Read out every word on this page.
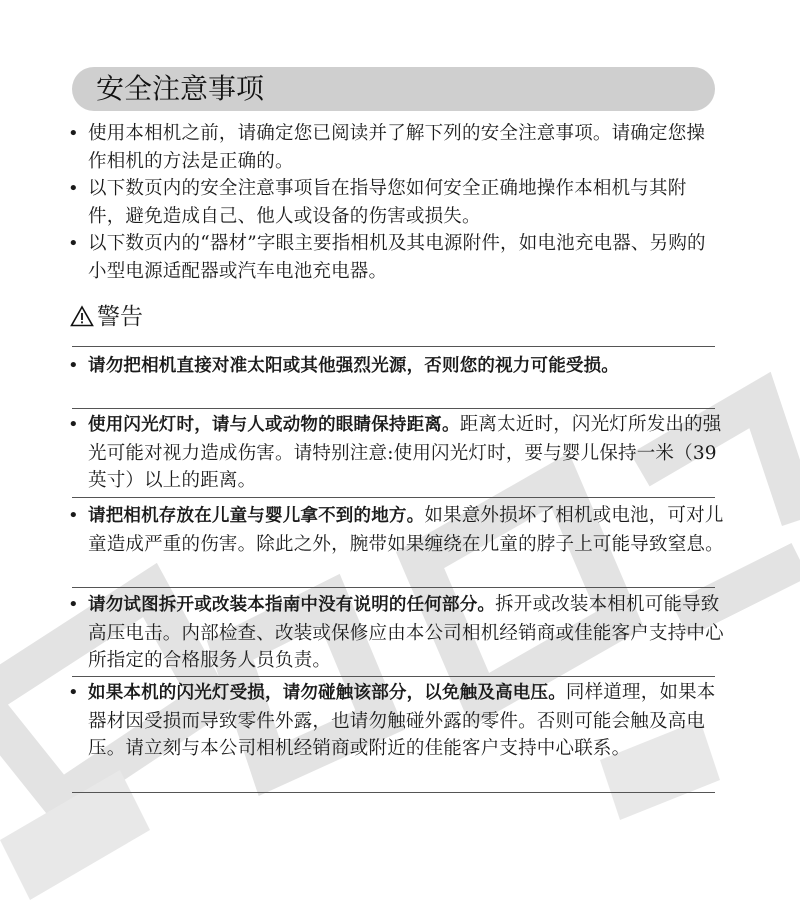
安全注意事项
• 使用本相机之前，请确定您已阅读并了解下列的安全注意事项。请确定您操作相机的方法是正确的。
• 以下数页内的安全注意事项旨在指导您如何安全正确地操作本相机与其附件，避免造成自己、他人或设备的伤害或损失。
• 以下数页内的“器材”字眼主要指相机及其电源附件，如电池充电器、另购的小型电源适配器或汽车电池充电器。
警告
• 请勿把相机直接对准太阳或其他强烈光源，否则您的视力可能受损。
• 使用闪光灯时，请与人或动物的眼睛保持距离。距离太近时，闪光灯所发出的强光可能对视力造成伤害。请特别注意:使用闪光灯时，要与婴儿保持一米（39英寸）以上的距离。
• 请把相机存放在儿童与婴儿拿不到的地方。如果意外损坏了相机或电池，可对儿童造成严重的伤害。除此之外，腕带如果缠绕在儿童的脖子上可能导致窒息。
• 请勿试图拆开或改装本指南中没有说明的任何部分。拆开或改装本相机可能导致高压电击。内部检查、改装或保修应由本公司相机经销商或佳能客户支持中心所指定的合格服务人员负责。
• 如果本机的闪光灯受损，请勿碰触该部分，以免触及高电压。同样道理，如果本器材因受损而导致零件外露，也请勿触碰外露的零件。否则可能会触及高电压。请立刻与本公司相机经销商或附近的佳能客户支持中心联系。
